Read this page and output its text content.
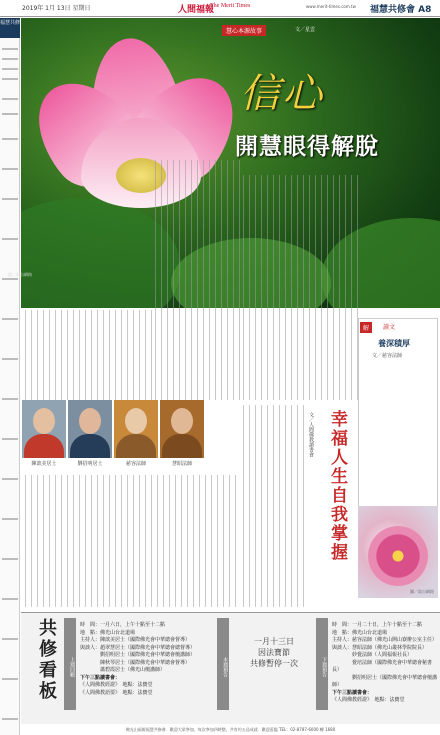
2019年 1月 13日 星期日	人間福報
The Merit Times	www.merit-times.com.tw 福慧共修會 A8
福慧共修
慧心本源故事	文／星雲
信心
開慧眼得解脫
圖／取自網路
解	讀文
養深積厚
文／慈容法師
圖／取自網路
幸福人生自我掌握
文／人間佛教讀書會
陳歆美居士	劉招明居士	慈容法師	慧昭法師
共修看板	上週回顧	本週預告	下週預告
時　間：一月六日，上午十點至十二點
地　點：佛光山台北道場
主持人：陳歆美居士（國際佛光會中華總會督導）
與談人：趙翠慧居士（國際佛光會中華總會總督導）
　　　　劉招明居士（國際佛光會中華總會檀講師）
　　　　陳秋琴居士（國際佛光會中華總會督導）
　　　　蕭碧霞居士（佛光山檀講師）
下午三點讀書會：
《人間佛教經證》　地點：法寶堂
《人間佛教語要》　地點：法寶堂
一月十三日
因法寶節
共修暫停一次
時　間：一月二十日，上午十點至十二點
地　點：佛光山台北道場
主持人：慈容法師（佛光山開山寮辦公室主任）
與談人：慧昭法師（佛光山叢林學院院長）
　　　　妙覺法師（人間福報社長）
　　　　覺培法師（國際佛光會中華總會秘書長）
　　　　劉招明居士（國際佛光會中華總會檀講師）
下午三點讀書會：
《人間佛教經證》　地點：法寶堂
佛光山福報福慧共修會．歡迎大眾參加，每次參加四時整，共有約五品成就．歡迎蒞臨 TEL：02-8787-6000 轉 1680
